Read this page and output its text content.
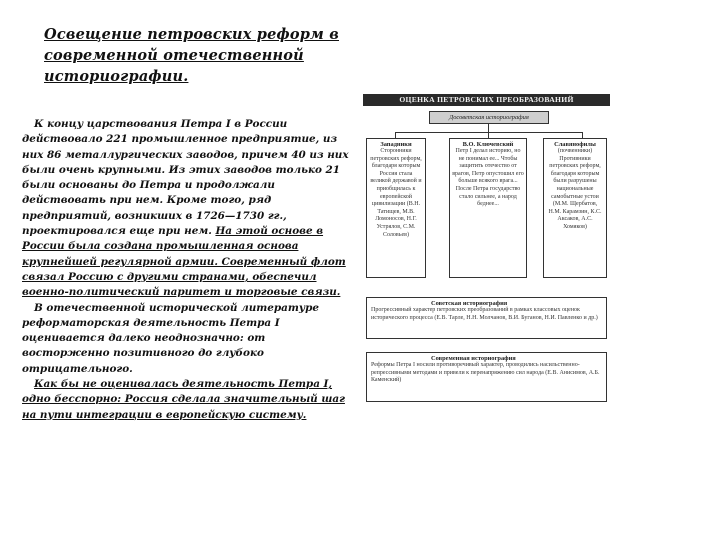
Освещение петровских реформ в современной отечественной историографии.

К концу царствования Петра I в России действовало 221 промышленное предприятие, из них 86 металлургических заводов, причем 40 из них были очень крупными. Из этих заводов только 21 были основаны до Петра и продолжали действовать при нем. Кроме того, ряд предприятий, возникших в 1726—1730 гг., проектировался еще при нем. На этой основе в России была создана промышленная основа крупнейшей регулярной армии. Современный флот связал Россию с другими странами, обеспечил военно-политический паритет и торговые связи.

В отечественной исторической литературе реформаторская деятельность Петра I оценивается далеко неоднозначно: от восторженно позитивного до глубоко отрицательного.

Как бы не оценивалась деятельность Петра I, одно бесспорно: Россия сделала значительный шаг на пути интеграции в европейскую систему.

ОЦЕНКА ПЕТРОВСКИХ ПРЕОБРАЗОВАНИЙ
Досоветская историография
Западники
Сторонники петровских реформ, благодаря которым Россия стала великой державой и приобщилась к европейской цивилизации (В.Н. Татищев, М.В. Ломоносов, Н.Г. Устрялов, С.М. Соловьев)
В.О. Ключевский
Петр I делал историю, но не понимал ее... Чтобы защитить отечество от врагов, Петр опустошил его больше всякого врага... После Петра государство стало сильнее, а народ беднее...
Славянофилы
(почвенники) Противники петровских реформ, благодаря которым были разрушены национальные самобытные устои (М.М. Щербатов, Н.М. Карамзин, К.С. Аксаков, А.С. Хомяков)
Советская историография
Прогрессивный характер петровских преобразований в рамках классовых оценок исторического процесса (Е.В. Тарле, Н.Н. Молчанов, В.И. Буганов, Н.И. Павленко и др.)
Современная историография
Реформы Петра I носили противоречивый характер, проводились насильственно-репрессивными методами и привели к перенапряжению сил народа (Е.В. Анисимов, А.Б. Каменский)
